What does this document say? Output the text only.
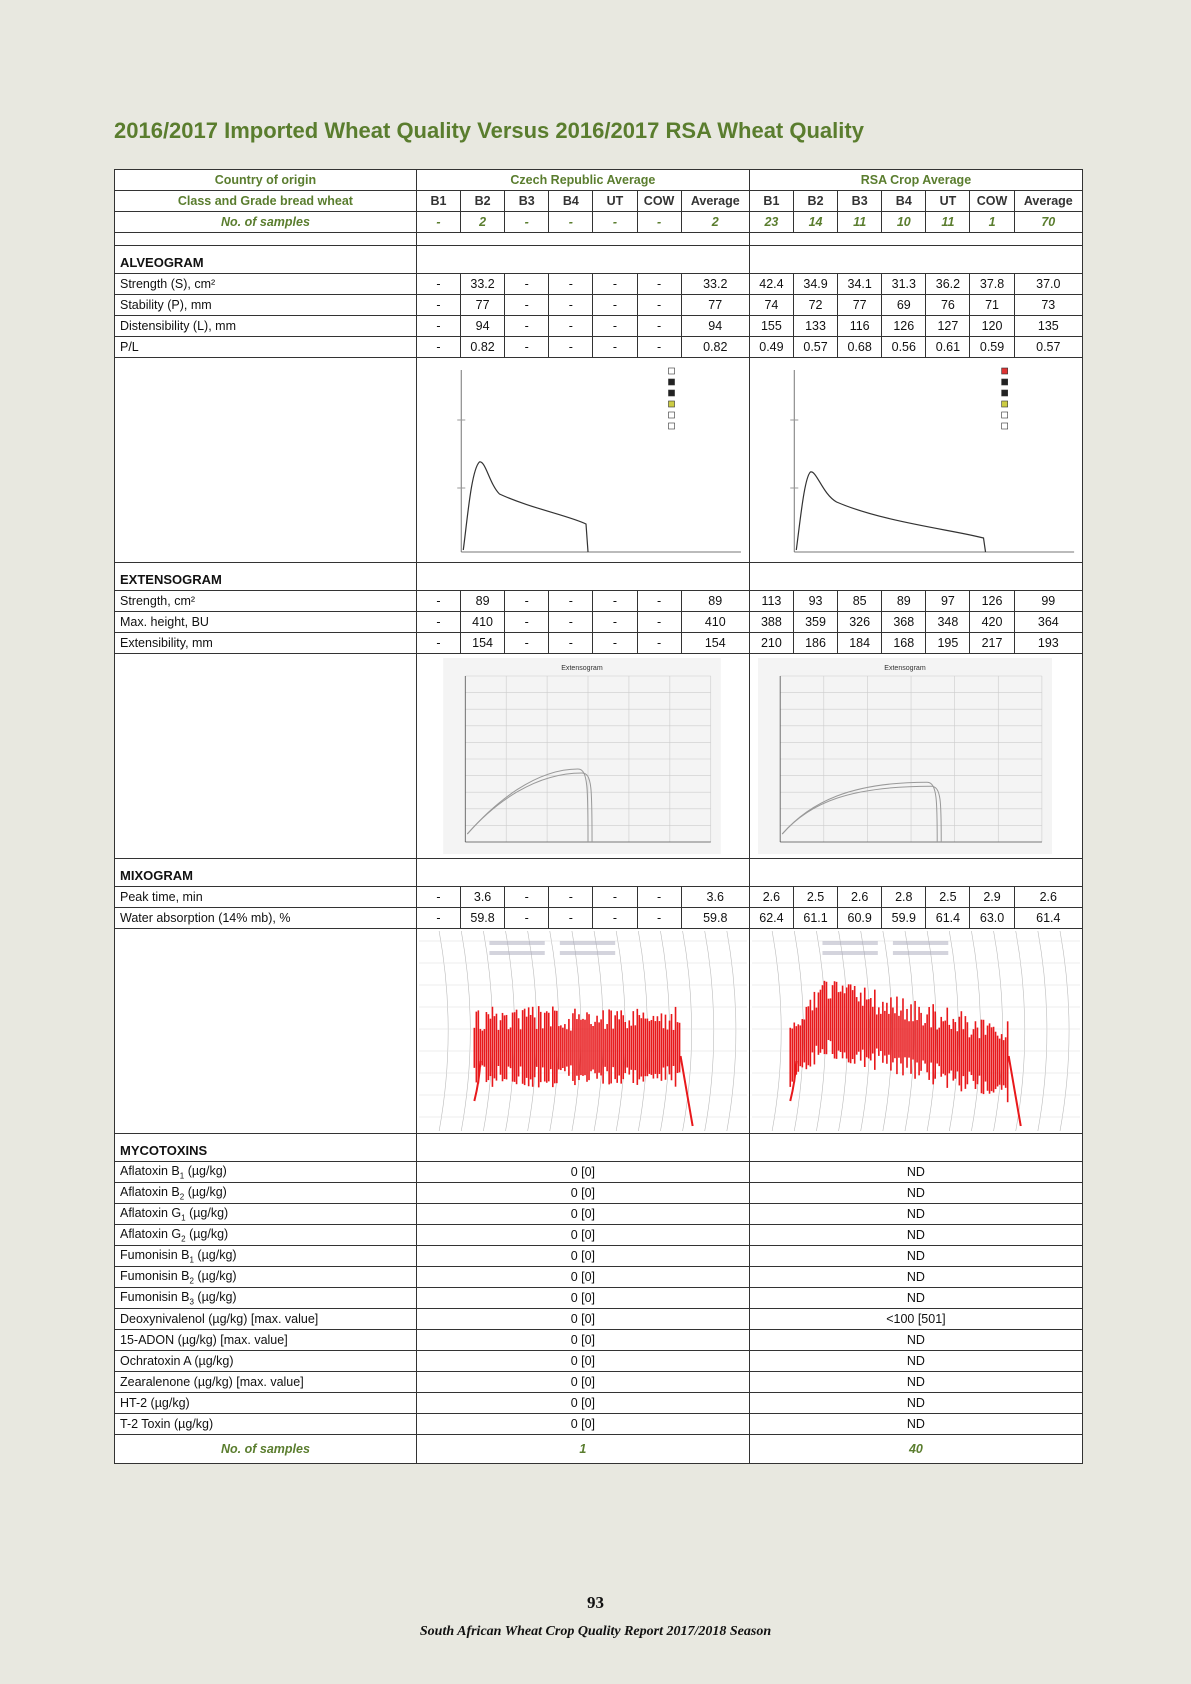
2016/2017 Imported Wheat Quality Versus 2016/2017 RSA Wheat Quality
Country of origin	Czech Republic Average							RSA Crop Average						
Class and Grade bread wheat	B1	B2	B3	B4	UT	COW	Average	B1	B2	B3	B4	UT	COW	Average
No. of samples	-	2	-	-	-	-	2	23	14	11	10	11	1	70

ALVEOGRAM														
Strength (S), cm²	-	33.2	-	-	-	-	33.2	42.4	34.9	34.1	31.3	36.2	37.8	37.0
Stability (P), mm	-	77	-	-	-	-	77	74	72	77	69	76	71	73
Distensibility (L), mm	-	94	-	-	-	-	94	155	133	116	126	127	120	135
P/L	-	0.82	-	-	-	-	0.82	0.49	0.57	0.68	0.56	0.61	0.59	0.57

EXTENSOGRAM														
Strength, cm²	-	89	-	-	-	-	89	113	93	85	89	97	126	99
Max. height, BU	-	410	-	-	-	-	410	388	359	326	368	348	420	364
Extensibility, mm	-	154	-	-	-	-	154	210	186	184	168	195	217	193

Extensogram							Extensogram						

MIXOGRAM														
Peak time, min	-	3.6	-	-	-	-	3.6	2.6	2.5	2.6	2.8	2.5	2.9	2.6
Water absorption (14% mb), %	-	59.8	-	-	-	-	59.8	62.4	61.1	60.9	59.9	61.4	63.0	61.4

MYCOTOXINS														
Aflatoxin $B_1$ (µg/kg)	0 [0]							ND						
Aflatoxin $B_2$ (µg/kg)	0 [0]							ND						
Aflatoxin $G_1$ (µg/kg)	0 [0]							ND						
Aflatoxin $G_2$ (µg/kg)	0 [0]							ND						
Fumonisin $B_1$ (µg/kg)	0 [0]							ND						
Fumonisin $B_2$ (µg/kg)	0 [0]							ND						
Fumonisin $B_3$ (µg/kg)	0 [0]							ND						
Deoxynivalenol (µg/kg) [max. value]	0 [0]							<100 [501]						
15-ADON (µg/kg) [max. value]	0 [0]							ND						
Ochratoxin A (µg/kg)	0 [0]							ND						
Zearalenone (µg/kg) [max. value]	0 [0]							ND						
HT-2 (µg/kg)	0 [0]							ND						
T-2 Toxin (µg/kg)	0 [0]							ND						
No. of samples	1							40						
93
South African Wheat Crop Quality Report 2017/2018 Season
